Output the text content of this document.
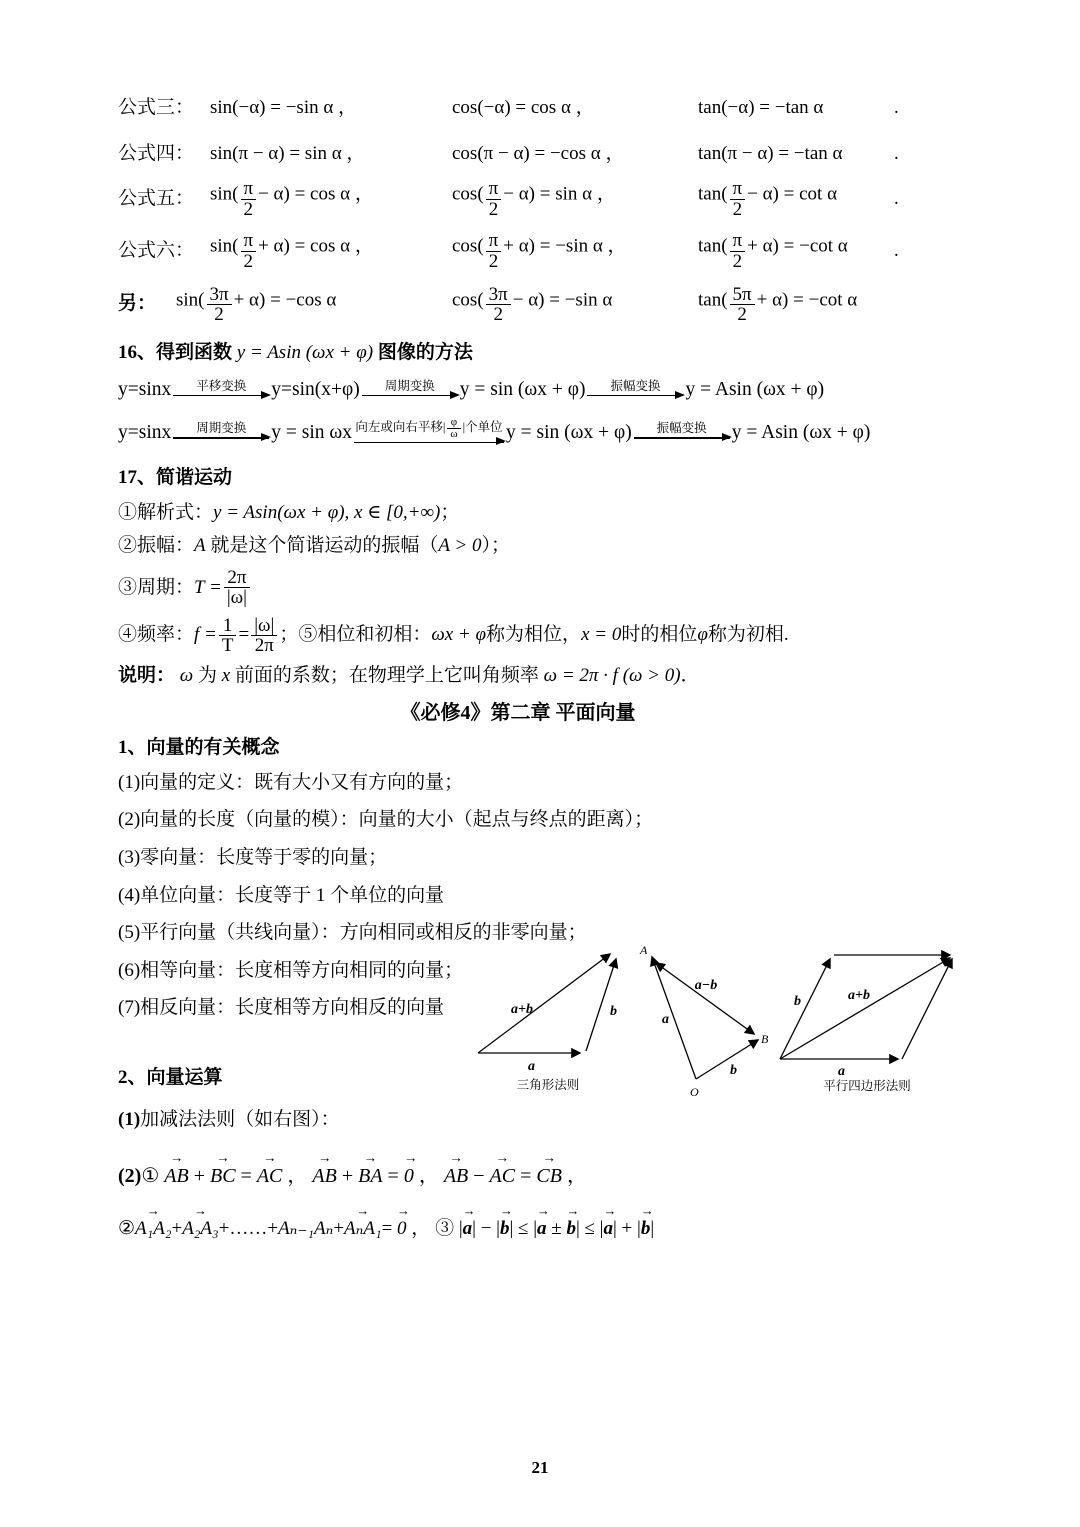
公式三： sin(−α) = −sin α ，	cos(−α) = cos α ，	tan(−α) = −tan α	.
公式四： sin(π − α) = sin α ，	cos(π − α) = −cos α ，	tan(π − α) = −tan α	.
公式五： $\sin( \frac{\pi}{2} - \alpha) = \cos \alpha$ ，	$\cos( \frac{\pi}{2} - \alpha) = \sin \alpha$ ，	$\tan( \frac{\pi}{2} - \alpha) = \cot \alpha$	.
公式六： $\sin( \frac{\pi}{2} + \alpha) = \cos \alpha$ ，	$\cos( \frac{\pi}{2} + \alpha) = -\sin$ α ，	$\tan( \frac{\pi}{2} + \alpha) = -\cot$ α	.
另：	$\sin( \frac{3\pi}{2} + \alpha) = -\cos$ α	$\cos( \frac{3\pi}{2} - \alpha) = -\sin$ α	$\tan( \frac{5\pi}{2} + \alpha) = -\cot$ α
16、得到函数 y = Asin (ωx + φ) 图像的方法
y=sinx 平移变换 y=sin(x+φ) 周期变换 y = sin (ωx + φ) 振幅变换 y = Asin (ωx + φ)
y=sinx 周期变换 y = sin ωx 向左或向右平移| $\frac{\varphi}{\omega}$ |个单位 y = sin (ωx + φ) 振幅变换 y = Asin (ωx + φ)
17、简谐运动
①解析式：y = Asin(ωx + φ), x ∈ [0,+∞)；
②振幅：A 就是这个简谐运动的振幅（A > 0）；
③周期： $T = \frac{2\pi}{|\omega|}$
④频率： $f = \frac{1}{T} = \frac{|\omega|}{2\pi}$ ； ⑤相位和初相： ωx + φ 称为相位， x = 0 时的相位 φ 称为初相.
说明： ω 为 x 前面的系数；在物理学上它叫角频率 ω = 2π · f (ω > 0)．
《必修4》第二章 平面向量
1、向量的有关概念
(1)向量的定义：既有大小又有方向的量；
(2)向量的长度（向量的模）：向量的大小（起点与终点的距离）；
(3)零向量：长度等于零的向量；
(4)单位向量：长度等于 1 个单位的向量
(5)平行向量（共线向量）：方向相同或相反的非零向量；
(6)相等向量：长度相等方向相同的向量；
(7)相反向量：长度相等方向相反的向量	a+b	b
a
三角形法则
A
O
B
a
b
a−b
b	a+b
a
平行四边形法则
2、向量运算
(1)加减法法则（如右图）：
(2)① → AB + → BC = → AC ， → AB + → BA = → 0 ， → AB − → AC = → CB ，
②→ A₁A₂+→ A₂A₃+……+Aₙ₋₁Aₙ+→ AₙA₁= → 0 ， ③ |→ a| − |→ b| ≤ |→ a ± → b| ≤ |→ a| + |→ b|
21
